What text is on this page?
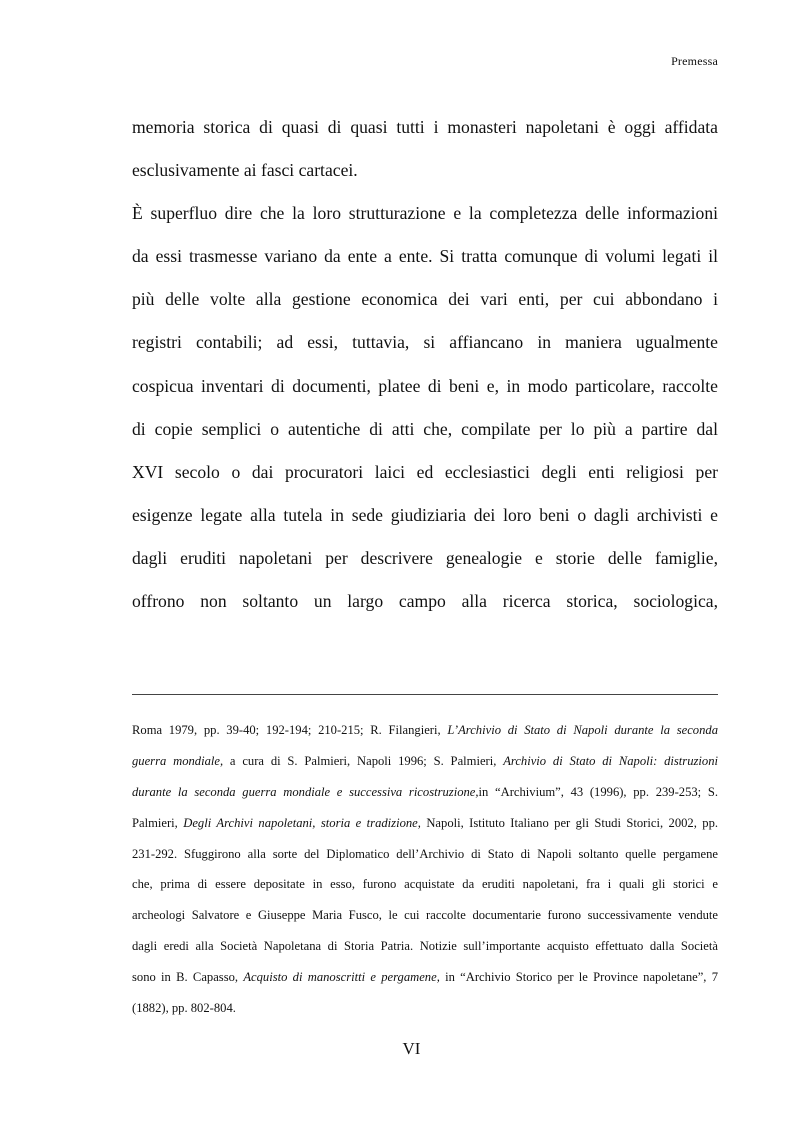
Premessa
memoria storica di quasi di quasi tutti i monasteri napoletani è oggi affidata
esclusivamente ai fasci cartacei.
È superfluo dire che la loro strutturazione e la completezza delle informazioni
da essi trasmesse variano da ente a ente. Si tratta comunque di volumi legati il
più delle volte alla gestione economica dei vari enti, per cui abbondano i
registri contabili; ad essi, tuttavia, si affiancano in maniera ugualmente
cospicua inventari di documenti, platee di beni e, in modo particolare, raccolte
di copie semplici o autentiche di atti che, compilate per lo più a partire dal
XVI secolo o dai procuratori laici ed ecclesiastici degli enti religiosi per
esigenze legate alla tutela in sede giudiziaria dei loro beni o dagli archivisti e
dagli eruditi napoletani per descrivere genealogie e storie delle famiglie,
offrono non soltanto un largo campo alla ricerca storica, sociologica,
Roma 1979, pp. 39-40; 192-194; 210-215; R. Filangieri, L’Archivio di Stato di Napoli durante la seconda
guerra mondiale, a cura di S. Palmieri, Napoli 1996; S. Palmieri, Archivio di Stato di Napoli: distruzioni
durante la seconda guerra mondiale e successiva ricostruzione,in “Archivium”, 43 (1996), pp. 239-253; S.
Palmieri, Degli Archivi napoletani, storia e tradizione, Napoli, Istituto Italiano per gli Studi Storici, 2002, pp.
231-292. Sfuggirono alla sorte del Diplomatico dell’Archivio di Stato di Napoli soltanto quelle pergamene
che, prima di essere depositate in esso, furono acquistate da eruditi napoletani, fra i quali gli storici e
archeologi Salvatore e Giuseppe Maria Fusco, le cui raccolte documentarie furono successivamente vendute
dagli eredi alla Società Napoletana di Storia Patria. Notizie sull’importante acquisto effettuato dalla Società
sono in B. Capasso, Acquisto di manoscritti e pergamene, in “Archivio Storico per le Province napoletane”, 7
(1882), pp. 802-804.
VI
